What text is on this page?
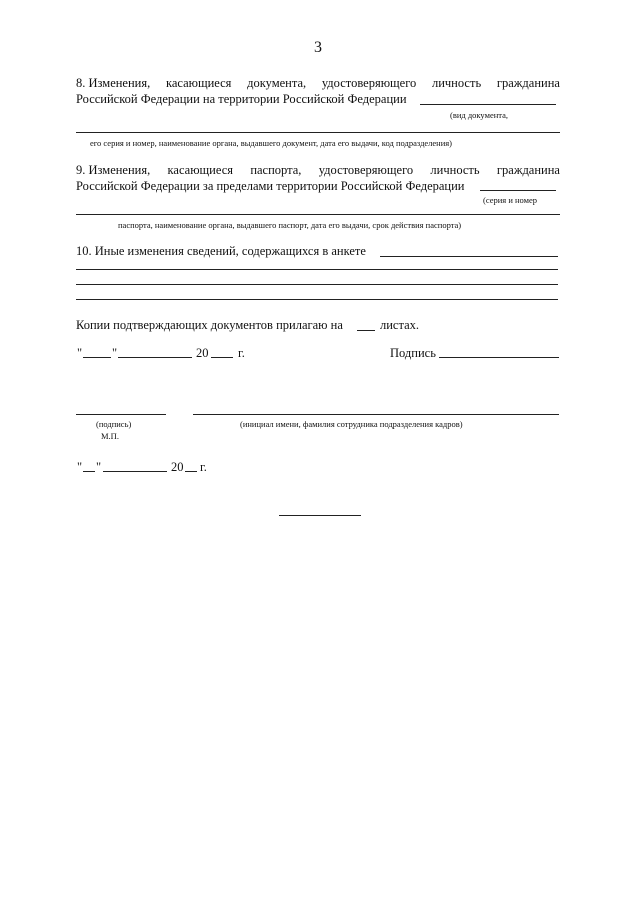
3
8. Изменения, касающиеся документа, удостоверяющего личность гражданина
Российской Федерации на территории Российской Федерации
(вид документа,
его серия и номер, наименование органа, выдавшего документ, дата его выдачи, код подразделения)
9. Изменения, касающиеся паспорта, удостоверяющего личность гражданина
Российской Федерации за пределами территории Российской Федерации
(серия и номер
паспорта, наименование органа, выдавшего паспорт, дата его выдачи, срок действия паспорта)
10. Иные изменения сведений, содержащихся в анкете
Копии подтверждающих документов прилагаю на	листах.
" "	20 г.	Подпись
(подпись)	(инициал имени, фамилия сотрудника подразделения кадров)
М.П.
" "	20 г.
